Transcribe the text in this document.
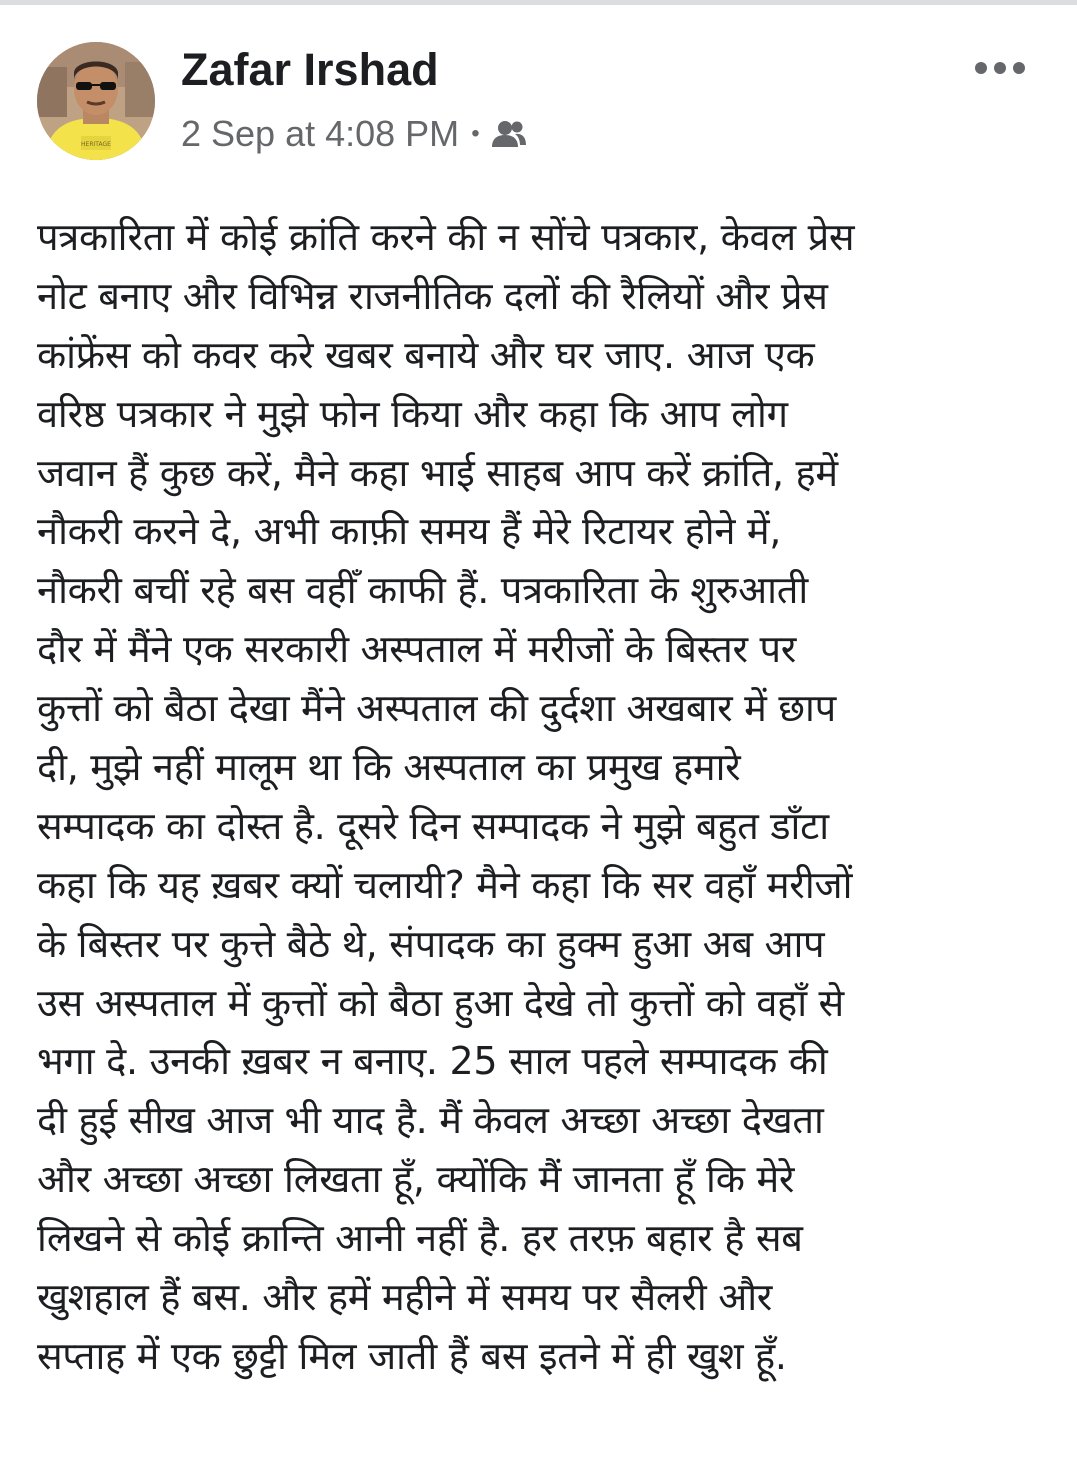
HERITAGE
Zafar Irshad
2 Sep at 4:08 PM •
पत्रकारिता में कोई क्रांति करने की न सोंचे पत्रकार, केवल प्रेस
नोट बनाए और विभिन्न राजनीतिक दलों की रैलियों और प्रेस
कांफ्रेंस को कवर करे खबर बनाये और घर जाए. आज एक
वरिष्ठ पत्रकार ने मुझे फोन किया और कहा कि आप लोग
जवान हैं कुछ करें, मैने कहा भाई साहब आप करें क्रांति, हमें
नौकरी करने दे, अभी काफ़ी समय हैं मेरे रिटायर होने में,
नौकरी बचीं रहे बस वहीँ काफी हैं. पत्रकारिता के शुरुआती
दौर में मैंने एक सरकारी अस्पताल में मरीजों के बिस्तर पर
कुत्तों को बैठा देखा मैंने अस्पताल की दुर्दशा अखबार में छाप
दी, मुझे नहीं मालूम था कि अस्पताल का प्रमुख हमारे
सम्पादक का दोस्त है. दूसरे दिन सम्पादक ने मुझे बहुत डाँटा
कहा कि यह ख़बर क्यों चलायी? मैने कहा कि सर वहाँ मरीजों
के बिस्तर पर कुत्ते बैठे थे, संपादक का हुक्म हुआ अब आप
उस अस्पताल में कुत्तों को बैठा हुआ देखे तो कुत्तों को वहाँ से
भगा दे. उनकी ख़बर न बनाए. 25 साल पहले सम्पादक की
दी हुई सीख आज भी याद है. मैं केवल अच्छा अच्छा देखता
और अच्छा अच्छा लिखता हूँ, क्योंकि मैं जानता हूँ कि मेरे
लिखने से कोई क्रान्ति आनी नहीं है. हर तरफ़ बहार है सब
खुशहाल हैं बस. और हमें महीने में समय पर सैलरी और
सप्ताह में एक छुट्टी मिल जाती हैं बस इतने में ही खुश हूँ.
